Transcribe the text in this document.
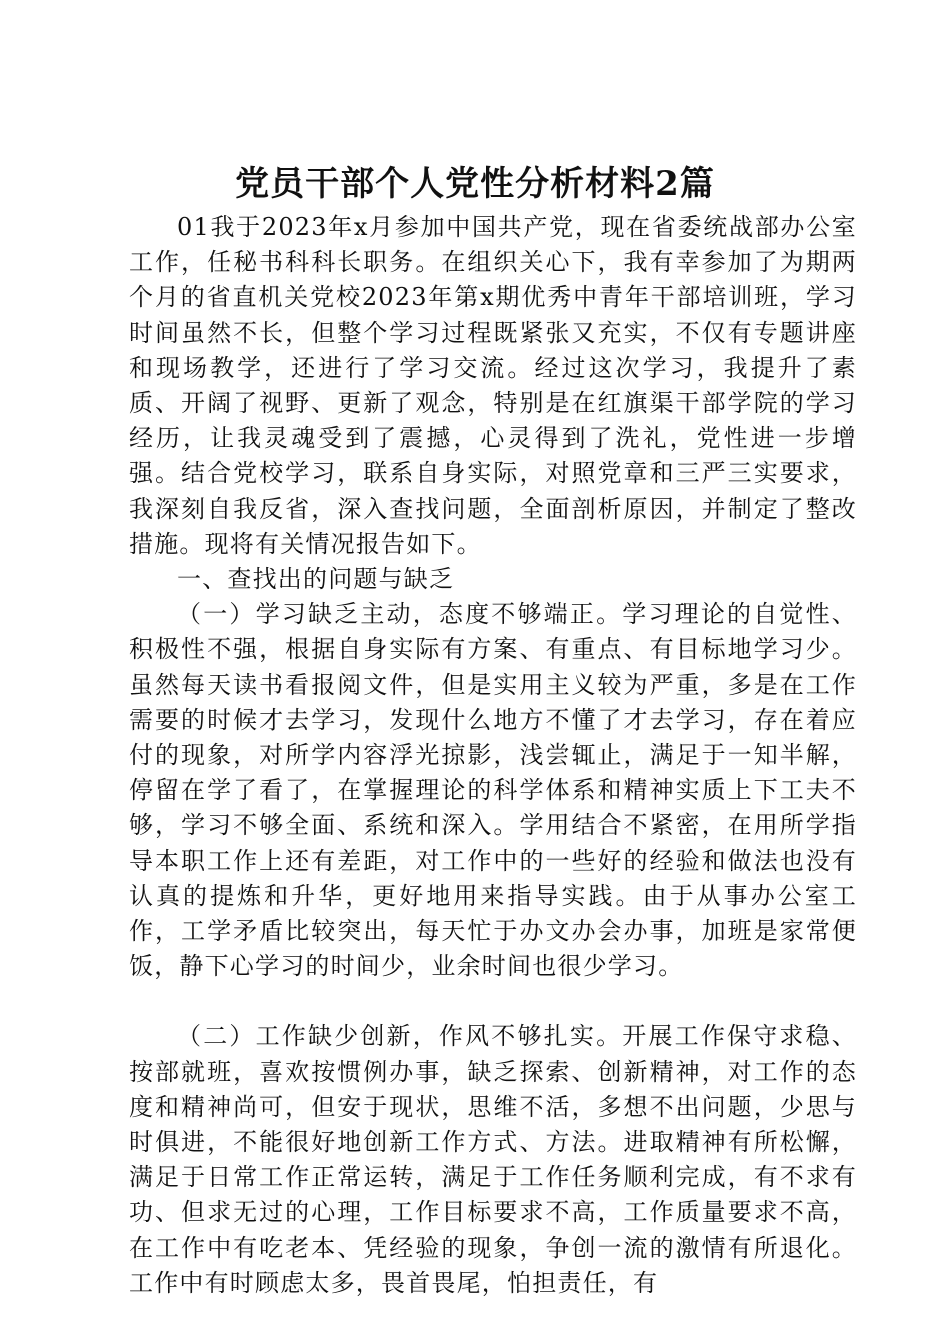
党员干部个人党性分析材料2篇

01我于2023年x月参加中国共产党，现在省委统战部办公室工作，任秘书科科长职务。在组织关心下，我有幸参加了为期两个月的省直机关党校2023年第x期优秀中青年干部培训班，学习时间虽然不长，但整个学习过程既紧张又充实，不仅有专题讲座和现场教学，还进行了学习交流。经过这次学习，我提升了素质、开阔了视野、更新了观念，特别是在红旗渠干部学院的学习经历，让我灵魂受到了震撼，心灵得到了洗礼，党性进一步增强。结合党校学习，联系自身实际，对照党章和三严三实要求，我深刻自我反省，深入查找问题，全面剖析原因，并制定了整改措施。现将有关情况报告如下。

一、查找出的问题与缺乏

（一）学习缺乏主动，态度不够端正。学习理论的自觉性、积极性不强，根据自身实际有方案、有重点、有目标地学习少。虽然每天读书看报阅文件，但是实用主义较为严重，多是在工作需要的时候才去学习，发现什么地方不懂了才去学习，存在着应付的现象，对所学内容浮光掠影，浅尝辄止，满足于一知半解，停留在学了看了，在掌握理论的科学体系和精神实质上下工夫不够，学习不够全面、系统和深入。学用结合不紧密，在用所学指导本职工作上还有差距，对工作中的一些好的经验和做法也没有认真的提炼和升华，更好地用来指导实践。由于从事办公室工作，工学矛盾比较突出，每天忙于办文办会办事，加班是家常便饭，静下心学习的时间少，业余时间也很少学习。

（二）工作缺少创新，作风不够扎实。开展工作保守求稳、按部就班，喜欢按惯例办事，缺乏探索、创新精神，对工作的态度和精神尚可，但安于现状，思维不活，多想不出问题，少思与时俱进，不能很好地创新工作方式、方法。进取精神有所松懈，满足于日常工作正常运转，满足于工作任务顺利完成，有不求有功、但求无过的心理，工作目标要求不高，工作质量要求不高，在工作中有吃老本、凭经验的现象，争创一流的激情有所退化。工作中有时顾虑太多，畏首畏尾，怕担责任，有
